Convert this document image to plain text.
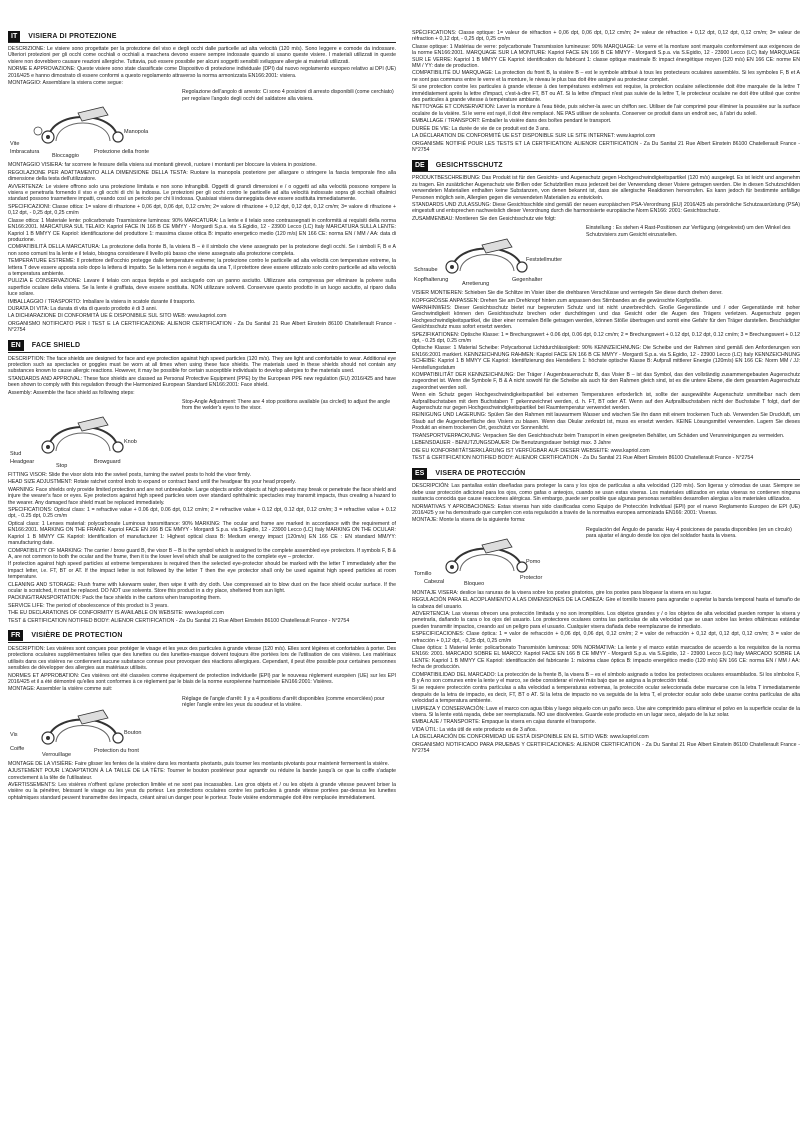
IT	VISIERA DI PROTEZIONE

DESCRIZIONE: Le visiere sono progettate per la protezione del viso e degli occhi dalle particelle ad alta velocità (120 m/s). Sono leggere e comode da indossare. Ulteriori protezioni per gli occhi come occhiali o occhiali a maschera devono essere sempre indossate quando si usano queste visiere. I materiali utilizzati in queste visiere non dovrebbero causare reazioni allergiche. Tuttavia, può essere possibile per alcuni soggetti sensibili sviluppare allergie ai materiali utilizzati.

NORME E APPROVAZIONE: Queste visiere sono state classificate come Dispositivo di protezione individuale (DPI) dal nuovo regolamento europeo relativo ai DPI (UE) 2016/425 e hanno dimostrato di essere conformi a questo regolamento attraverso la norma armonizzata EN166:2001: visiera.

MONTAGGIO: Assemblare la visiera come segue:

Vite
Imbracatura
Bloccaggio
Manopola
Protezione della fronte
Regolazione dell'angolo di arresto: Ci sono 4 posizioni di arresto disponibili (come cerchiato) per regolare l'angolo degli occhi del saldatore alla visiera.

MONTAGGIO VISIERA: far scorrere le fessure della visiera sui montanti girevoli, ruotare i montanti per bloccare la visiera in posizione.

REGOLAZIONE PER ADATTAMENTO ALLA DIMENSIONE DELLA TESTA: Ruotare la manopola posteriore per allargare o stringere la fascia temporale fino alla dimensione della testa dell'utilizzatore.

AVVERTENZA: Le visiere offrono solo una protezione limitata e non sono infrangibili. Oggetti di grandi dimensioni e / o oggetti ad alta velocità possono rompere la visiera e penetrarla fornendo il viso e gli occhi di chi la indossa. Le protezioni per gli occhi contro le particelle ad alta velocità indossate sopra gli occhiali oftalmici standard possono trasmettere impatti, creando così un pericolo per chi li indossa. Qualsiasi visiera danneggiata deve essere sostituita immediatamente.

SPECIFICAZIONI: Classe ottica: 1= valore di rifrazione + 0,06 dpt, 0,06 dpt, 0,12 cm/m; 2= valore di rifrazione + 0,12 dpt, 0,12 dpt, 0,12 cm/m; 3= valore di rifrazione + 0,12 dpt, - 0,25 dpt, 0,25 cm/m

Classe ottica: 1 Materiale lente: policarbonato Trasmissione luminosa: 90% MARCATURA: La lente e il telaio sono contrassegnati in conformità ai requisiti della norma EN166:2001. MARCATURA SUL TELAIO: Kapriol FACE IN 166 B CE MMYY - Morgardi S.p.a. via S.Egidio, 12 - 23900 Lecco (LC) Italy MARCATURA SULLA LENTE: Kapriol 1 B MMYY CE Kapriol: identificazione del produttore 1: massima classe ottica B: impatto energetico medio (120 m/s) EN 166 CE: norma EN / MM / AA: data di produzione.

COMPATIBILITÀ DELLA MARCATURA: La protezione della fronte B, la visiera B – è il simbolo che viene assegnato per la protezione degli occhi. Se i simboli F, B e A non sono comuni tra la lente e il telaio, bisogna considerare il livello più basso che viene assegnato alla protezione completa.

TEMPERATURE ESTREME: Il protettore dell'occhio protegge dalle temperature estreme; la protezione contro le particelle ad alta velocità con temperature estreme, la lettera T deve essere apposta solo dopo la lettera di impatto. Se la lettera non è seguita da una T, il protettore deve essere utilizzato solo contro particelle ad alta velocità a temperatura ambiente.

PULIZIA E CONSERVAZIONE: Lavare il telaio con acqua tiepida e poi asciugarlo con un panno asciutto. Utilizzare aria compressa per eliminare la polvere sulla superficie oculare della visiera. Se la lente è graffiata, deve essere sostituita. NON utilizzare solventi. Conservare questo prodotto in un luogo asciutto, al riparo dalla luce solare.

IMBALLAGGIO / TRASPORTO: Imballare la visiera in scatole durante il trasporto.

DURATA DI VITA: La durata di vita di questo prodotto è di 3 anni.

LA DICHIARAZIONE DI CONFORMITÀ UE È DISPONIBILE SUL SITO WEB: www.kapriol.com

ORGANISMO NOTIFICATO PER I TEST E LA CERTIFICAZIONE: ALIENOR CERTIFICATION - Za Du Sanital 21 Rue Albert Einstein 86100 Chatellerault France - N°2754

EN	FACE SHIELD

DESCRIPTION: The face shields are designed for face and eye protection against high speed particles (120 m/s). They are light and comfortable to wear. Additional eye protection such as spectacles or goggles must be worn at all times when using these face shields. The materials used in these shields should not contain any substances known to cause allergic reactions. However, it may be possible for certain susceptible individuals to develop allergies to the materials used.

STANDARDS AND APPROVAL: These face shields are classed as Personal Protective Equipment (PPE) by the European PPE new regulation (EU) 2016/425 and have been shown to comply with this regulation through the Harmonized European Standard EN166:2001: Face shield.

Assembly: Assemble the face shield as following steps:

Stud
Headgear
Stop
Knob
Browguard
Stop-Angle Adjustment: There are 4 stop positions available (as circled) to adjust the angle from the welder's eyes to the visor.

FITTING VISOR: Slide the visor slots into the swivel posts, turning the swivel posts to hold the visor firmly.

HEAD SIZE ADJUSTMENT: Rotate ratchet control knob to expand or contract band until the headgear fits your head properly.

WARNING: Face shields only provide limited protection and are not unbreakable. Large objects and/or objects at high speeds may break or penetrate the face shield and injure the wearer's face or eyes. Eye protectors against high speed particles worn over standard ophthalmic spectacles may transmit impacts, thus creating a hazard to the wearer. Any damaged face shield must be replaced immediately.

SPECIFICATIONS: Optical class: 1 = refractive value + 0.06 dpt, 0.06 dpt, 0.12 cm/m; 2 = refractive value + 0.12 dpt, 0.12 dpt, 0.12 cm/m; 3 = refractive value + 0.12 dpt, - 0.25 dpt, 0.25 cm/m

Optical class: 1 Lenses material: polycarbonate Luminous transmittance: 90% MARKING: The ocular and frame are marked in accordance with the requirement of EN166:2001. MARKING ON THE FRAME: Kapriol FACE EN 166 B CE MMYY - Morgardi S.p.a. via S.Egidio, 12 - 23900 Lecco (LC) Italy MARKING ON THE OCULAR: Kapriol 1 B MMYY CE Kapriol: Identification of manufacturer 1: Highest optical class B: Medium energy impact (120m/s) EN 166 CE : EN standard MM/YY: manufacturing date.

COMPATIBILITY OF MARKING: The carrier / brow guard B, the visor B – B is the symbol which is assigned to the complete assembled eye protectors. If symbols F, B & A, are not common to both the ocular and the frame, then it is the lower level which shall be assigned to the complete eye – protector.

If protection against high speed particles at extreme temperatures is required then the selected eye-protector should be marked with the letter T immediately after the impact letter, i.e. FT, BT or AT. If the impact letter is not followed by the letter T then the eye protector shall only be used against high speed particles at room temperature.

CLEANING AND STORAGE: Flush frame with lukewarm water, then wipe it with dry cloth. Use compressed air to blow dust on the face shield ocular surface. If the ocular is scratched, it must be replaced. DO NOT use solvents. Store this product in a dry place, sheltered from sun light.

PACKING/TRANSPORTATION: Pack the face shields in the cartons when transporting them.

SERVICE LIFE: The period of obsolescence of this product is 3 years.

THE EU DECLARATIONS OF CONFORMITY IS AVAILABLE ON WEBSITE: www.kapriol.com

TEST & CERTIFICATION NOTIFIED BODY: ALIENOR CERTIFICATION - Za Du Sanital 21 Rue Albert Einstein 86100 Chatellerault France - N°2754

FR	VISIÈRE DE PROTECTION

DESCRIPTION: Les visières sont conçues pour protéger le visage et les yeux des particules à grande vitesse (120 m/s). Elles sont légères et confortables à porter. Des protections oculaires supplémentaires telles que des lunettes ou des lunettes-masque doivent toujours être portées lors de l'utilisation de ces visières. Les matériaux utilisés dans ces visières ne contiennent aucune substance connue pour provoquer des réactions allergiques. Cependant, il peut être possible pour certaines personnes sensibles de développer des allergies aux matériaux utilisés.

NORMES ET APPROBATION: Ces visières ont été classées comme équipement de protection individuelle (EPI) par le nouveau règlement européen (UE) sur les EPI 2016/425 et il a été démontré qu'elles sont conformes à ce règlement par le biais de la norme européenne harmonisée EN166:2001: Visières.

MONTAGE: Assembler la visière comme suit:

Vis
Coiffe
Verrouillage
Bouton
Protection du front
Réglage de l'angle d'arrêt: Il y a 4 positions d'arrêt disponibles (comme encerclées) pour régler l'angle entre les yeux du soudeur et la visière.

MONTAGE DE LA VISIÈRE: Faire glisser les fentes de la visière dans les montants pivotants, puis tourner les montants pivotants pour maintenir fermement la visière.

AJUSTEMENT POUR L'ADAPTATION À LA TAILLE DE LA TÊTE: Tourner le bouton postérieur pour agrandir ou réduire la bande jusqu'à ce que la coiffe s'adapte correctement à la tête de l'utilisateur.

AVERTISSEMENTS: Les visières n'offrent qu'une protection limitée et ne sont pas incassables. Les gros objets et / ou les objets à grande vitesse peuvent briser la visière ou la pénétrer, blessant le visage ou les yeux du porteur. Les protections oculaires contre les particules à grande vitesse portées par-dessus les lunettes ophtalmiques standard peuvent transmettre des impacts, créant ainsi un danger pour le porteur. Toute visière endommagée doit être remplacée immédiatement.

SPÉCIFICATIONS: Classe optique: 1= valeur de réfraction + 0,06 dpt, 0,06 dpt, 0,12 cm/m; 2= valeur de réfraction + 0,12 dpt, 0,12 dpt, 0,12 cm/m; 3= valeur de réfraction + 0,12 dpt, - 0,25 dpt, 0,25 cm/m

Classe optique: 1 Matériau de verre: polycarbonate Transmission lumineuse: 90% MARQUAGE: Le verre et la monture sont marqués conformément aux exigences de la norme EN166:2001. MARQUAGE SUR LA MONTURE: Kapriol FACE EN 166 B CE MMYY - Morgardi S.p.a. via S.Egidio, 12 - 23900 Lecco (LC) Italy MARQUAGE SUR LE VERRE: Kapriol 1 B MMYY CE Kapriol: identification du fabricant 1: classe optique maximale B: impact énergétique moyen (120 m/s) EN 166 CE: norme EN MM / YY: date de production.

COMPATIBILITÉ DU MARQUAGE: La protection du front B, la visière B – est le symbole attribué à tous les protecteurs oculaires assemblés. Si les symboles F, B et A ne sont pas communs entre le verre et la monture, le niveau le plus bas doit être assigné au protecteur complet.

Si une protection contre les particules à grande vitesse à des températures extrêmes est requise, la protection oculaire sélectionnée doit être marquée de la lettre T immédiatement après la lettre d'impact, c'est-à-dire FT, BT ou AT. Si la lettre d'impact n'est pas suivie de la lettre T, le protecteur oculaire ne doit être utilisé que contre des particules à grande vitesse à température ambiante.

NETTOYAGE ET CONSERVATION: Laver la monture à l'eau tiède, puis sécher-la avec un chiffon sec. Utiliser de l'air comprimé pour éliminer la poussière sur la surface oculaire de la visière. Si le verre est rayé, il doit être remplacé. NE PAS utiliser de solvants. Conserver ce produit dans un endroit sec, à l'abri du soleil.

EMBALLAGE / TRANSPORT: Emballer la visière dans des boîtes pendant le transport.

DURÉE DE VIE: La durée de vie de ce produit est de 3 ans.

LA DÉCLARATION DE CONFORMITÉ UE EST DISPONIBLE SUR LE SITE INTERNET: www.kapriol.com

ORGANISME NOTIFIÉ POUR LES TESTS ET LA CERTIFICATION: ALIENOR CERTIFICATION - Za Du Sanital 21 Rue Albert Einstein 86100 Chatellerault France - N°2754

DE	GESICHTSSCHUTZ

PRODUKTBESCHREIBUNG: Das Produkt ist für den Gesichts- und Augenschutz gegen Hochgeschwindigkeitspartikel (120 m/s) ausgelegt. Es ist leicht und angenehm zu tragen. Ein zusätzlicher Augenschutz wie Brillen oder Schutzbrillen muss jederzeit bei der Verwendung dieser Visiere getragen werden. Die in diesen Schutzschilden verwendeten Materialien enthalten keine Substanzen, von denen bekannt ist, dass sie allergische Reaktionen hervorrufen. Es kann jedoch für bestimmte anfällige Personen möglich sein, Allergien gegen die verwendeten Materialien zu entwickeln.

STANDARDS UND ZULASSUNG: Diese Gesichtsschilde sind gemäß der neuen europäischen PSA-Verordnung (EU) 2016/425 als persönliche Schutzausrüstung (PSA) eingestuft und entsprechen nachweislich dieser Verordnung durch die harmonisierte europäische Norm EN166: 2001: Gesichtsschutz.

ZUSAMMENBAU: Montieren Sie den Gesichtsschutz wie folgt:

Schraube
Kopfhalterung
Arretierung
Feststellmutter
Gegenhalter
Einstellung : Es stehen 4 Rast-Positionen zur Verfügung (eingekreist) um den Winkel des Schutzvisiers zum Gesicht einzustellen.

VISIER MONTIEREN: Schieben Sie die Schlitze im Visier über die drehbaren Verschlüsse und verriegeln Sie diese durch drehen derer.

KOPFGRÖSSE ANPASSEN: Drehen Sie am Drehknopf hinten zum anpassen des Stirnbandes an die gewünschte Kopfgröße.

WARNHINWEIS: Dieser Gesichtsschutz bietet nur begrenzten Schutz und ist nicht unzerbrechlich. Große Gegenstände und / oder Gegenstände mit hoher Geschwindigkeit können den Gesichtsschutz brechen oder durchdringen und das Gesicht oder die Augen des Trägers verletzen. Augenschutz gegen Hochgeschwindigkeitspartikel, die über einer normalen Brille getragen werden, können Stöße übertragen und somit eine Gefahr für den Träger darstellen. Beschädigter Gesichtsschutz muss sofort ersetzt werden.

SPEZIFIKATIONEN: Optische Klasse: 1 = Brechungswert + 0.06 dpt, 0.06 dpt, 0.12 cm/m; 2 = Brechungswert + 0.12 dpt, 0.12 dpt, 0.12 cm/m; 3 = Brechungswert + 0.12 dpt, - 0.25 dpt, 0.25 cm/m

Optische Klasse: 1 Material Scheibe: Polycarbonat Lichtdurchlässigkeit: 90% KENNZEICHNUNG: Die Scheibe und der Rahmen sind gemäß den Anforderungen von EN166:2001 markiert. KENNZEICHNUNG RAHMEN: Kapriol FACE EN 166 B CE MMYY - Morgardi S.p.a. via S.Egidio, 12 - 23900 Lecco (LC) Italy KENNZEICHNUNG SCHEIBE: Kapriol 1 B MMYY CE Kapriol: Identifizierung des Herstellers 1: höchste optische Klasse B: Aufprall mittlerer Energie (120m/s) EN 166 CE: Norm MM / JJ: Herstellungsdatum

KOMPATIBILITÄT DER KENNZEICHNUNG: Der Träger / Augenbrauenschutz B, das Visier B – ist das Symbol, das den vollständig zusammengebauten Augenschutz zugeordnet ist. Wenn die Symbole F, B & A nicht sowohl für die Scheibe als auch für den Rahmen gleich sind, ist es die untere Ebene, die dem gesamten Augenschutz zugeordnet werden soll.

Wenn ein Schutz gegen Hochgeschwindigkeitspartikel bei extremen Temperaturen erforderlich ist, sollte der ausgewählte Augenschutz unmittelbar nach dem Aufprallbuchstaben mit dem Buchstaben T gekennzeichnet werden, d. h. FT, BT oder AT. Wenn auf den Aufprallbuchstaben nicht der Buchstabe T folgt, darf der Augenschutz nur gegen Hochgeschwindigkeitspartikel bei Raumtemperatur verwendet werden.

REINIGUNG UND LAGERUNG: Spülen Sie den Rahmen mit lauwarmem Wasser und wischen Sie ihn dann mit einem trockenen Tuch ab. Verwenden Sie Druckluft, um Staub auf die Augenoberfläche des Visiers zu blasen. Wenn das Okular zerkratzt ist, muss es ersetzt werden. KEINE Lösungsmittel verwenden. Lagern Sie dieses Produkt an einem trockenen Ort, geschützt vor Sonnenlicht.

TRANSPORTVERPACKUNG: Verpacken Sie den Gesichtsschutz beim Transport in einen geeigneten Behälter, um Schäden und Verunreinigungen zu vermeiden.

LEBENSDAUER - BENUTZUNGSDAUER: Die Benutzungsdauer beträgt max. 3 Jahre

DIE EU KONFORMITÄTSERKLÄRUNG IST VERFÜGBAR AUF DIESER WEBSEITE: www.kapriol.com

TEST & CERTIFICATION NOTIFIED BODY: ALIENOR CERTIFICATION - Za Du Sanital 21 Rue Albert Einstein 86100 Chatellerault France - N°2754

ES	VISERA DE PROTECCIÓN

DESCRIPCIÓN: Las pantallas están diseñadas para proteger la cara y los ojos de partículas a alta velocidad (120 m/s). Son ligeras y cómodas de usar. Siempre se debe usar protección adicional para los ojos, como gafas o anteojos, cuando se usan estas viseras. Los materiales utilizados en estas viseras no contienen ninguna sustancia conocida que cause reacciones alérgicas. Sin embargo, puede ser posible que algunas personas sensibles desarrollen alergias a los materiales utilizados.

NORMATIVAS Y APROBACIONES: Estas viseras han sido clasificadas como Equipo de Protección Individual (EPI) por el nuevo Reglamento Europeo de EPI (UE) 2016/425 y se ha demostrado que cumplen con esta regulación a través de la normativa europea armonizada EN166: 2001: Viseras.

MONTAJE: Monte la visera de la siguiente forma:

Tornillo
Cabezal	Bloqueo
Pomo
Protector
Regulación del Ángulo de parada: Hay 4 posiciones de parada disponibles (en un círculo) para ajustar el ángulo desde los ojos del soldador hasta la visera.

MONTAJE VISERA: deslice las ranuras de la visera sobre los postes giratorios, gire los postes para bloquear la visera en su lugar.

REGULACIÓN PARA EL ACOPLAMIENTO A LAS DIMENSIONES DE LA CABEZA: Gire el tornillo trasero para agrandar o apretar la banda temporal hasta el tamaño de la cabeza del usuario.

ADVERTENCIA: Las viseras ofrecen una protección limitada y no son irrompibles. Los objetos grandes y / o los objetos de alta velocidad pueden romper la visera y penetrarla, dañando la cara o los ojos del usuario. Los protectores oculares contra las partículas de alta velocidad que se usan sobre las lentes oftálmicas estándar pueden transmitir impactos, creando así un peligro para el usuario. Cualquier visera dañada debe reemplazarse de inmediato.

ESPECIFICACIONES: Clase óptica: 1 = valor de refracción + 0,06 dpt, 0,06 dpt, 0,12 cm/m; 2 = valor de refracción + 0,12 dpt, 0,12 dpt, 0,12 cm/m; 3 = valor de refracción + 0,12 dpt, - 0,25 dpt, 0,25 cm/m

Clase óptica: 1 Material lente: policarbonato Transmisión luminosa: 90% NORMATIVA: La lente y el marco están marcados de acuerdo a los requisitos de la norma EN166: 2001. MARCADO SOBRE EL MARCO: Kapriol FACE EN 166 B CE MMYY - Morgardi S.p.a. via S.Egidio, 12 - 23900 Lecco (LC) Italy MARCADO SOBRE LA LENTE: Kapriol 1 B MMYY CE Kapriol: identificación del fabricante 1: máxima clase óptica B: impacto energético medio (120 m/s) EN 166 CE: norma EN / MM / AA: fecha de producción.

COMPATIBILIDAD DEL MARCADO: La protección de la frente B, la visera B – es el símbolo asignado a todos los protectores oculares ensamblados. Si los símbolos F, B y A no son comunes entre la lente y el marco, se debe considerar el nivel más bajo que se asigna a la protección total.

Si se requiere protección contra partículas a alta velocidad a temperaturas extremas, la protección ocular seleccionada debe marcarse con la letra T inmediatamente después de la letra de impacto, es decir, FT, BT o AT. Si la letra de impacto no va seguida de la letra T, el protector ocular solo debe usarse contra partículas de alta velocidad a temperatura ambiente.

LIMPIEZA Y CONSERVACIÓN: Lave el marco con agua tibia y luego séquelo con un paño seco. Use aire comprimido para eliminar el polvo en la superficie ocular de la visera. Si la lente está rayada, debe ser reemplazada. NO use disolventes. Guarde este producto en un lugar seco, alejado de la luz solar.

EMBALAJE / TRANSPORTE: Empaque la visera en cajas durante el transporte.

VIDA ÚTIL: La vida útil de este producto es de 3 años.

LA DECLARACIÓN DE CONFORMIDAD UE ESTÁ DISPONIBLE EN EL SITIO WEB: www.kapriol.com

ORGANISMO NOTIFICADO PARA PRUEBAS Y CERTIFICACIONES: ALIENOR CERTIFICATION - Za Du Sanital 21 Rue Albert Einstein 86100 Chatellerault France - N°2754
